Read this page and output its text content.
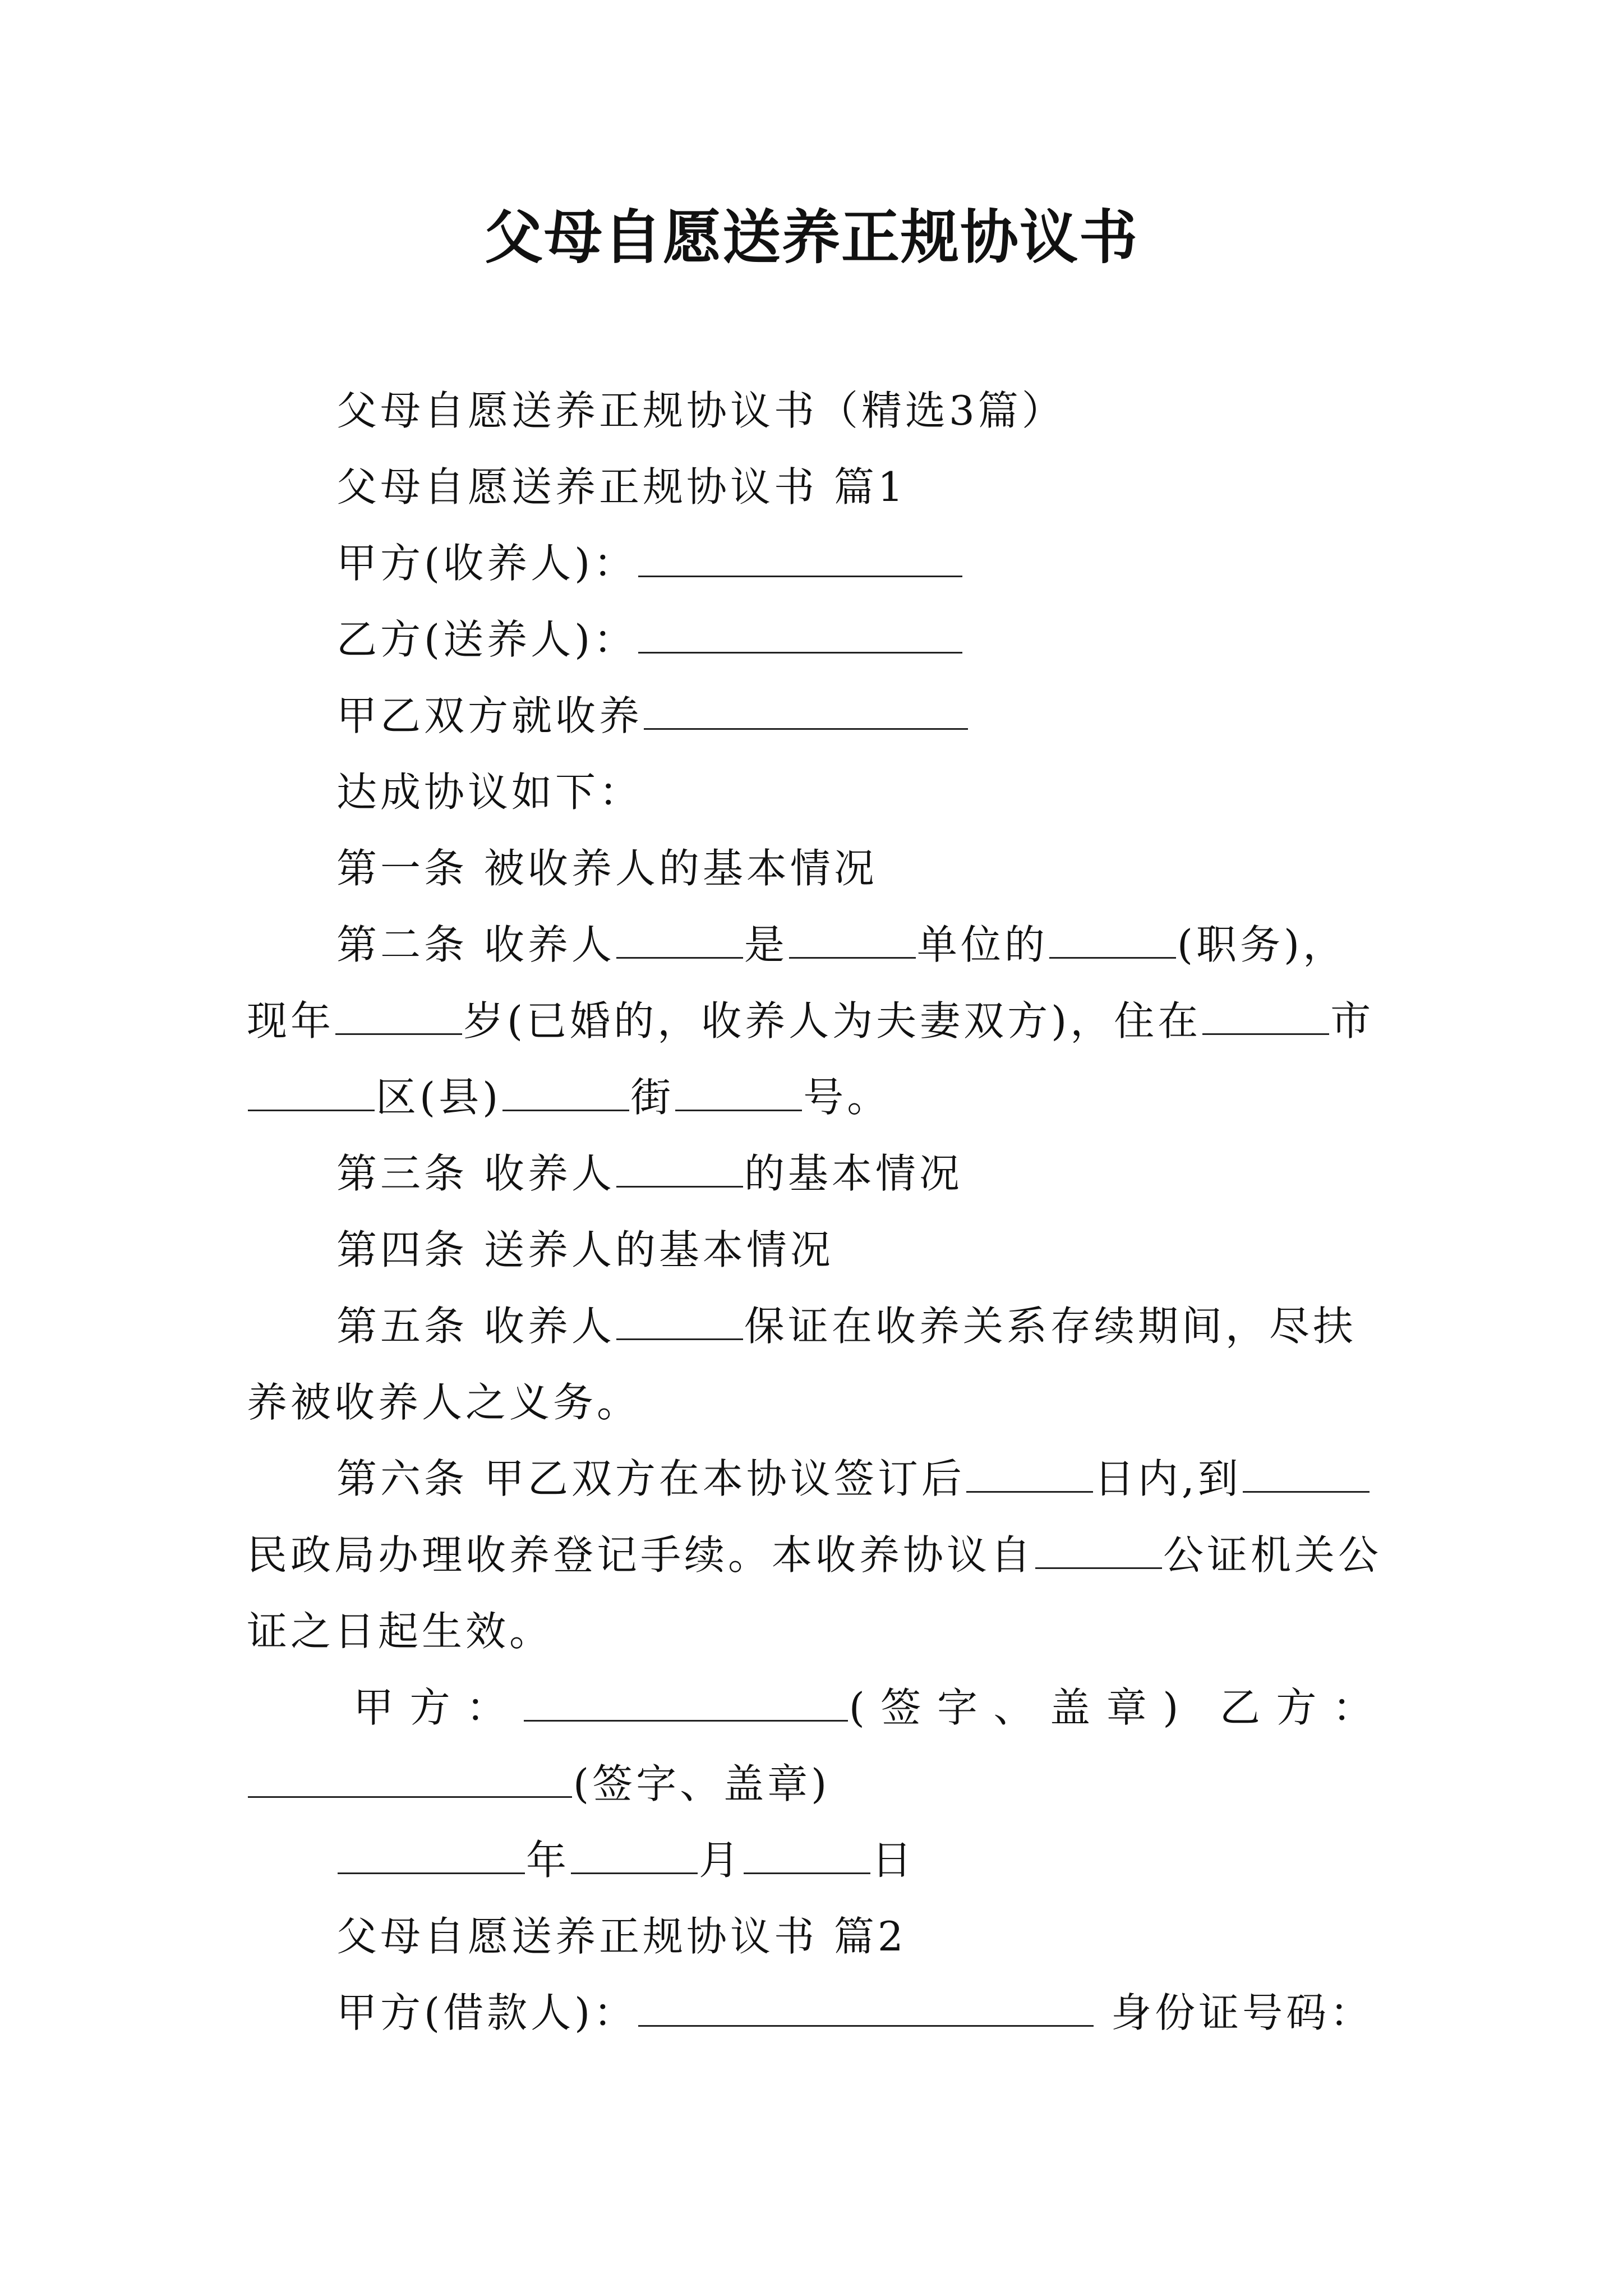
父母自愿送养正规协议书

父母自愿送养正规协议书（精选3篇）

父母自愿送养正规协议书 篇1

甲方(收养人)：

乙方(送养人)：

甲乙双方就收养

达成协议如下：

第一条 被收养人的基本情况

第二条 收养人	是	单位的	(职务)，现年	岁(已婚的，收养人为夫妻双方)，住在	市区(县)	街	号。

第三条 收养人	的基本情况

第四条 送养人的基本情况

第五条 收养人	保证在收养关系存续期间，尽扶养被收养人之义务。

第六条 甲乙双方在本协议签订后	日内,到民政局办理收养登记手续。本收养协议自	公证机关公证之日起生效。

甲方：	(签字、盖章) 乙方：(签字、盖章)

年	月	日

父母自愿送养正规协议书 篇2

甲方(借款人)：	身份证号码：
